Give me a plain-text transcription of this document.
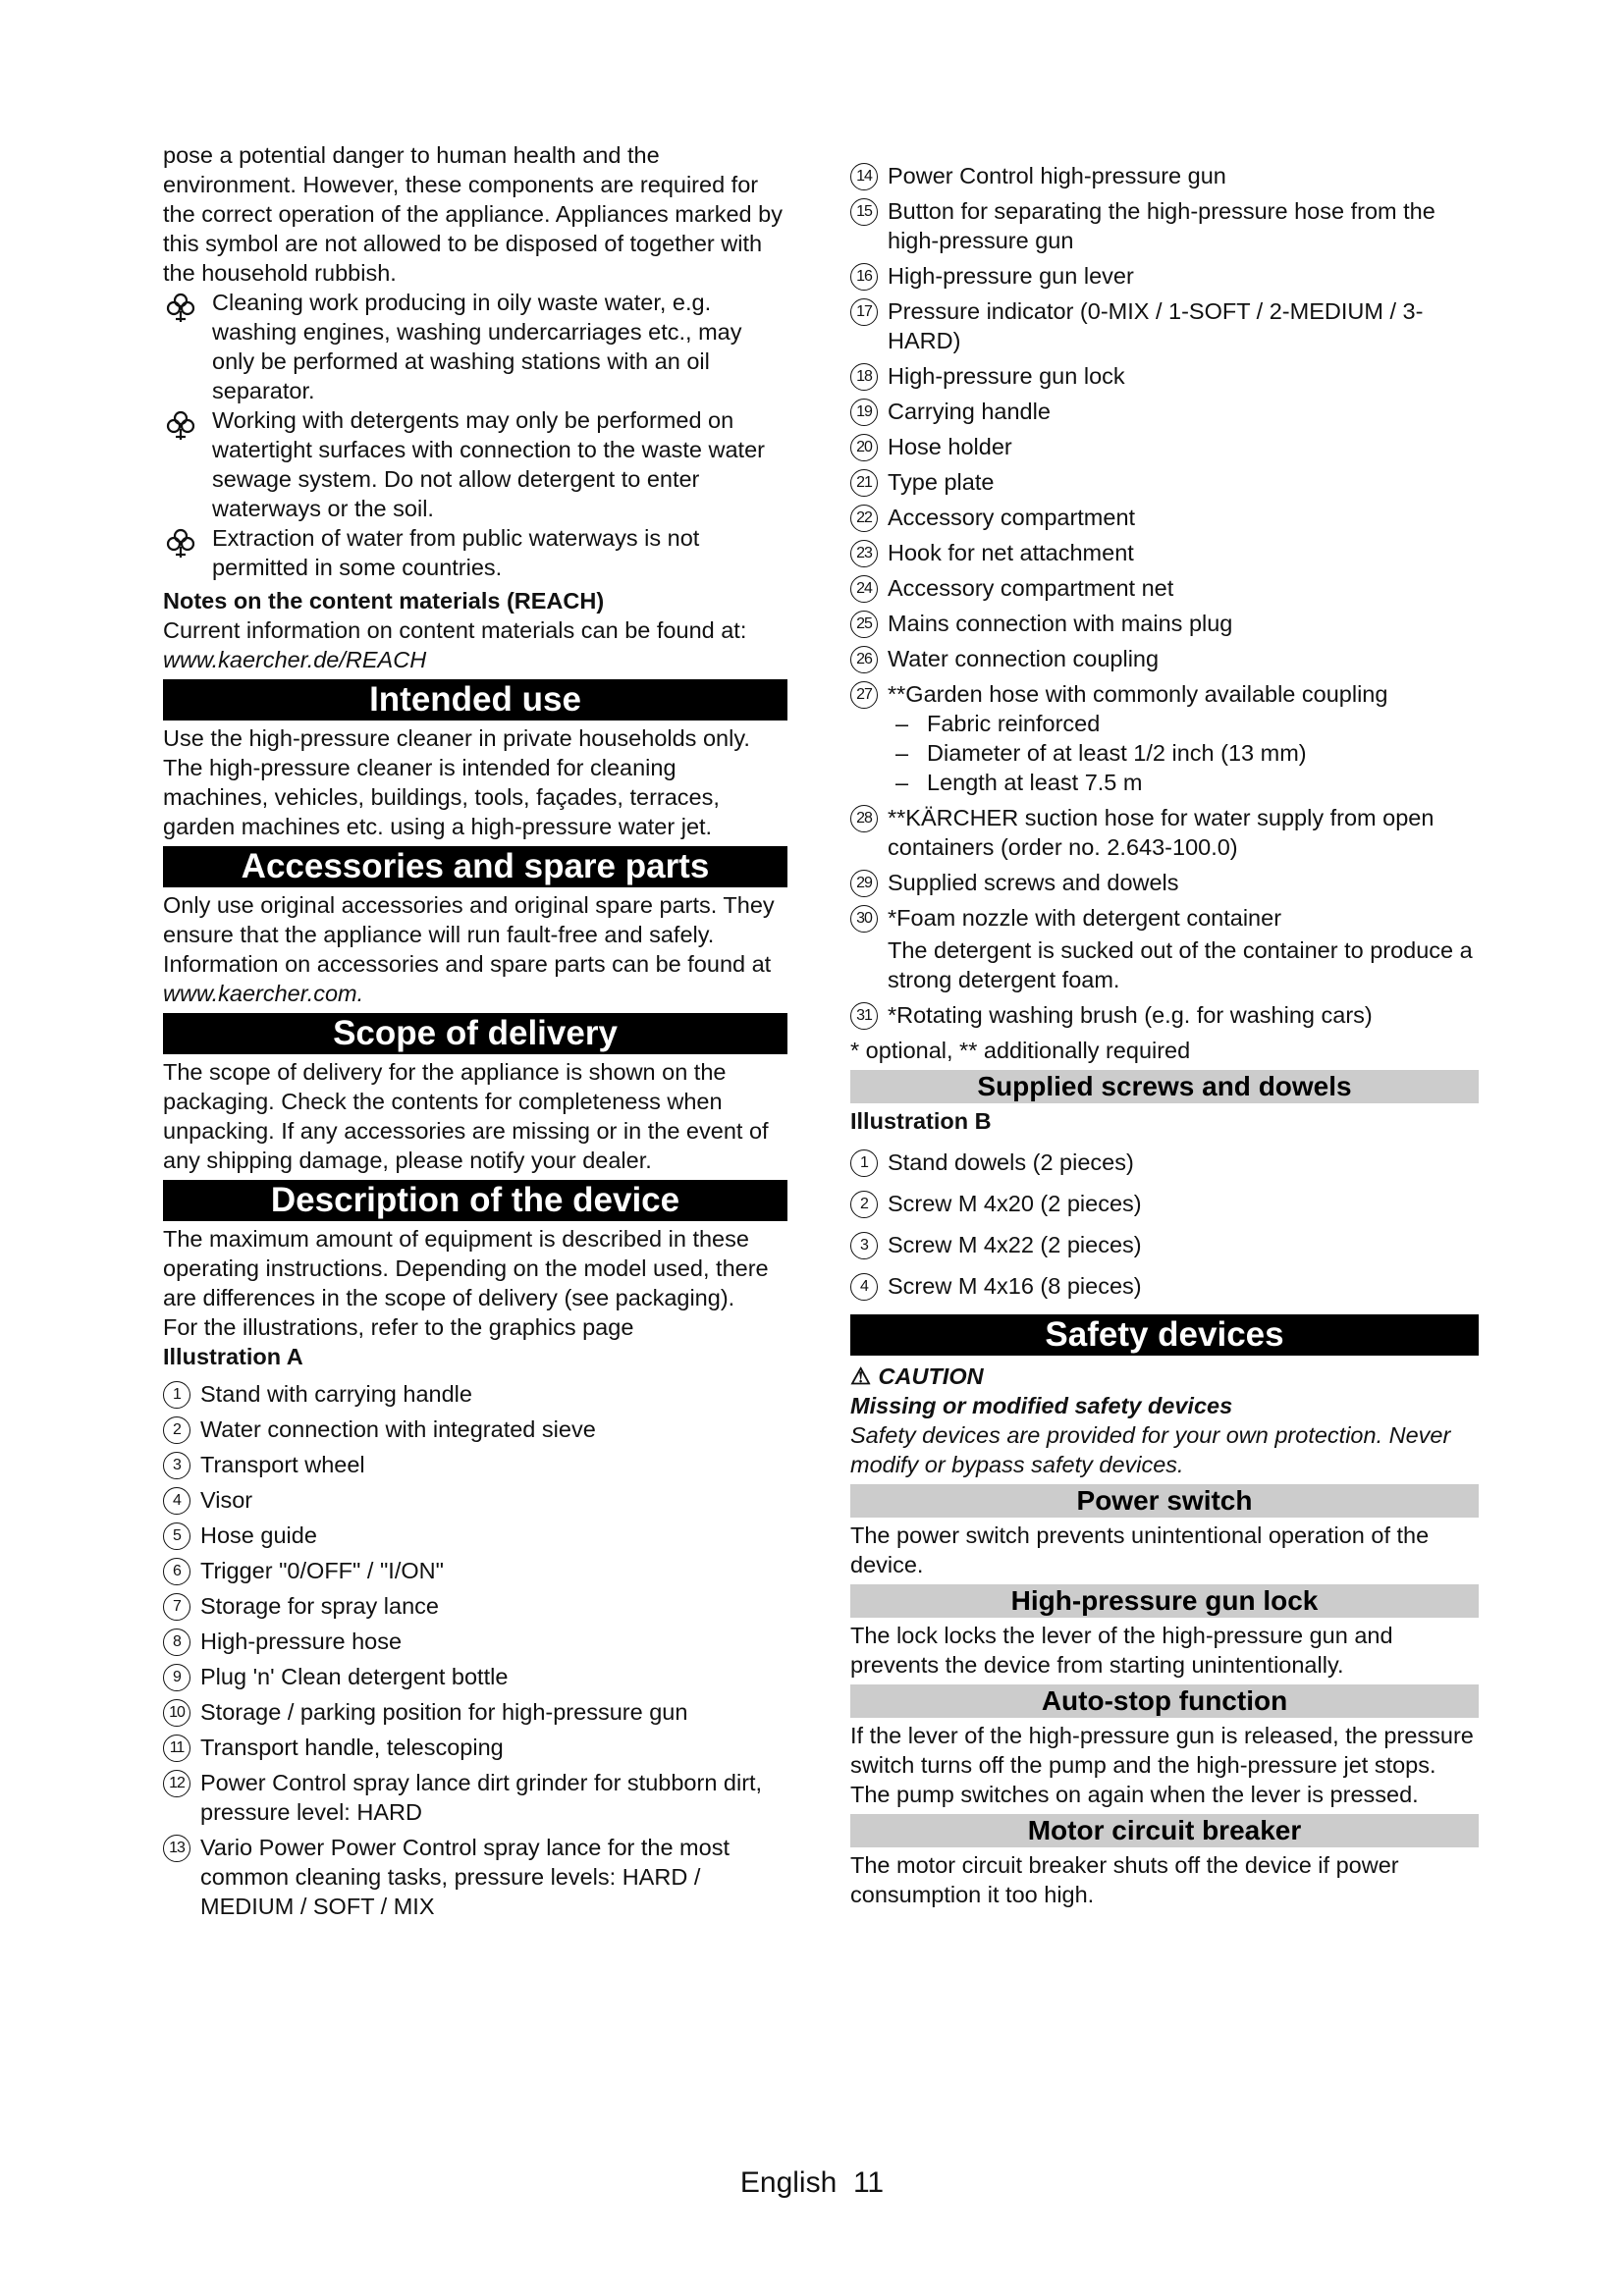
pose a potential danger to human health and the environment. However, these components are required for the correct operation of the appliance. Appliances marked by this symbol are not allowed to be disposed of together with the household rubbish.

Cleaning work producing in oily waste water, e.g. washing engines, washing undercarriages etc., may only be performed at washing stations with an oil separator.

Working with detergents may only be performed on watertight surfaces with connection to the waste water sewage system. Do not allow detergent to enter waterways or the soil.

Extraction of water from public waterways is not permitted in some countries.

Notes on the content materials (REACH)

Current information on content materials can be found at: www.kaercher.de/REACH

Intended use

Use the high-pressure cleaner in private households only.

The high-pressure cleaner is intended for cleaning machines, vehicles, buildings, tools, façades, terraces, garden machines etc. using a high-pressure water jet.

Accessories and spare parts

Only use original accessories and original spare parts. They ensure that the appliance will run fault-free and safely.

Information on accessories and spare parts can be found at www.kaercher.com.

Scope of delivery

The scope of delivery for the appliance is shown on the packaging. Check the contents for completeness when unpacking. If any accessories are missing or in the event of any shipping damage, please notify your dealer.

Description of the device

The maximum amount of equipment is described in these operating instructions. Depending on the model used, there are differences in the scope of delivery (see packaging).

For the illustrations, refer to the graphics page

Illustration A

1 Stand with carrying handle
2 Water connection with integrated sieve
3 Transport wheel
4 Visor
5 Hose guide
6 Trigger "0/OFF" / "I/ON"
7 Storage for spray lance
8 High-pressure hose
9 Plug 'n' Clean detergent bottle
10 Storage / parking position for high-pressure gun
11 Transport handle, telescoping
12 Power Control spray lance dirt grinder for stubborn dirt, pressure level: HARD
13 Vario Power Power Control spray lance for the most common cleaning tasks, pressure levels: HARD / MEDIUM / SOFT / MIX
14 Power Control high-pressure gun
15 Button for separating the high-pressure hose from the high-pressure gun
16 High-pressure gun lever
17 Pressure indicator (0-MIX / 1-SOFT / 2-MEDIUM / 3-HARD)
18 High-pressure gun lock
19 Carrying handle
20 Hose holder
21 Type plate
22 Accessory compartment
23 Hook for net attachment
24 Accessory compartment net
25 Mains connection with mains plug
26 Water connection coupling
27 **Garden hose with commonly available coupling
– Fabric reinforced
– Diameter of at least 1/2 inch (13 mm)
– Length at least 7.5 m
28 **KÄRCHER suction hose for water supply from open containers (order no. 2.643-100.0)
29 Supplied screws and dowels
30 *Foam nozzle with detergent container
The detergent is sucked out of the container to produce a strong detergent foam.
31 *Rotating washing brush (e.g. for washing cars)

* optional, ** additionally required

Supplied screws and dowels

Illustration B

1 Stand dowels (2 pieces)
2 Screw M 4x20 (2 pieces)
3 Screw M 4x22 (2 pieces)
4 Screw M 4x16 (8 pieces)
Safety devices

⚠ CAUTION

Missing or modified safety devices

Safety devices are provided for your own protection. Never modify or bypass safety devices.

Power switch

The power switch prevents unintentional operation of the device.

High-pressure gun lock

The lock locks the lever of the high-pressure gun and prevents the device from starting unintentionally.

Auto-stop function

If the lever of the high-pressure gun is released, the pressure switch turns off the pump and the high-pressure jet stops. The pump switches on again when the lever is pressed.

Motor circuit breaker

The motor circuit breaker shuts off the device if power consumption it too high.

English 11
